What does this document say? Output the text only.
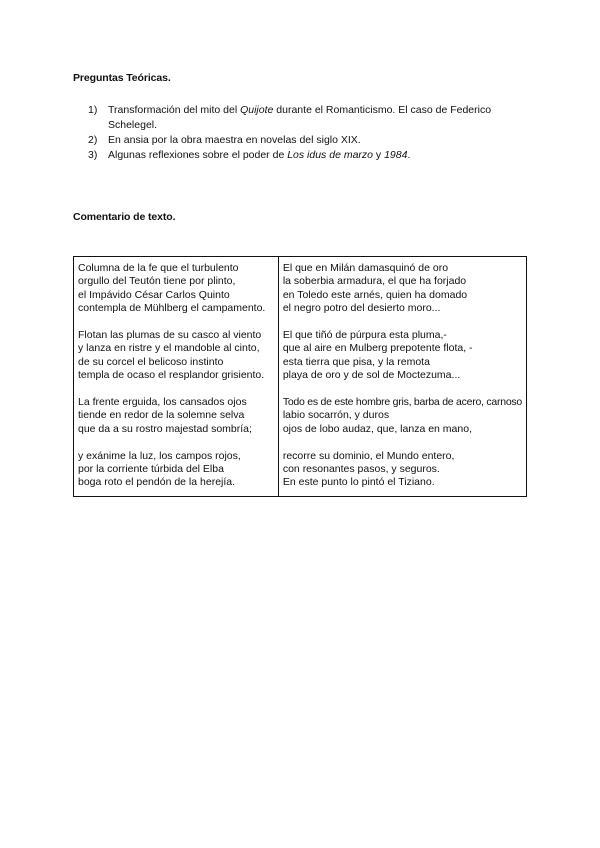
Preguntas Teóricas.
1)	Transformación del mito del Quijote durante el Romanticismo. El caso de Federico Schelegel.
2)	En ansia por la obra maestra en novelas del siglo XIX.
3)	Algunas reflexiones sobre el poder de Los idus de marzo y 1984.
Comentario de texto.
Columna de la fe que el turbulento
orgullo del Teutón tiene por plinto,
el Impávido César Carlos Quinto
contempla de Mühlberg el campamento.
Flotan las plumas de su casco al viento
y lanza en ristre y el mandoble al cinto,
de su corcel el belicoso instinto
templa de ocaso el resplandor grisiento.
La frente erguida, los cansados ojos
tiende en redor de la solemne selva
que da a su rostro majestad sombría;
y exánime la luz, los campos rojos,
por la corriente túrbida del Elba
boga roto el pendón de la herejía.

El que en Milán damasquinó de oro
la soberbia armadura, el que ha forjado
en Toledo este arnés, quien ha domado
el negro potro del desierto moro...
El que tiñó de púrpura esta pluma,-
que al aire en Mulberg prepotente flota, -
esta tierra que pisa, y la remota
playa de oro y de sol de Moctezuma...
Todo es de este hombre gris, barba de acero, carnoso
labio socarrón, y duros
ojos de lobo audaz, que, lanza en mano,
recorre su dominio, el Mundo entero,
con resonantes pasos, y seguros.
En este punto lo pintó el Tiziano.
